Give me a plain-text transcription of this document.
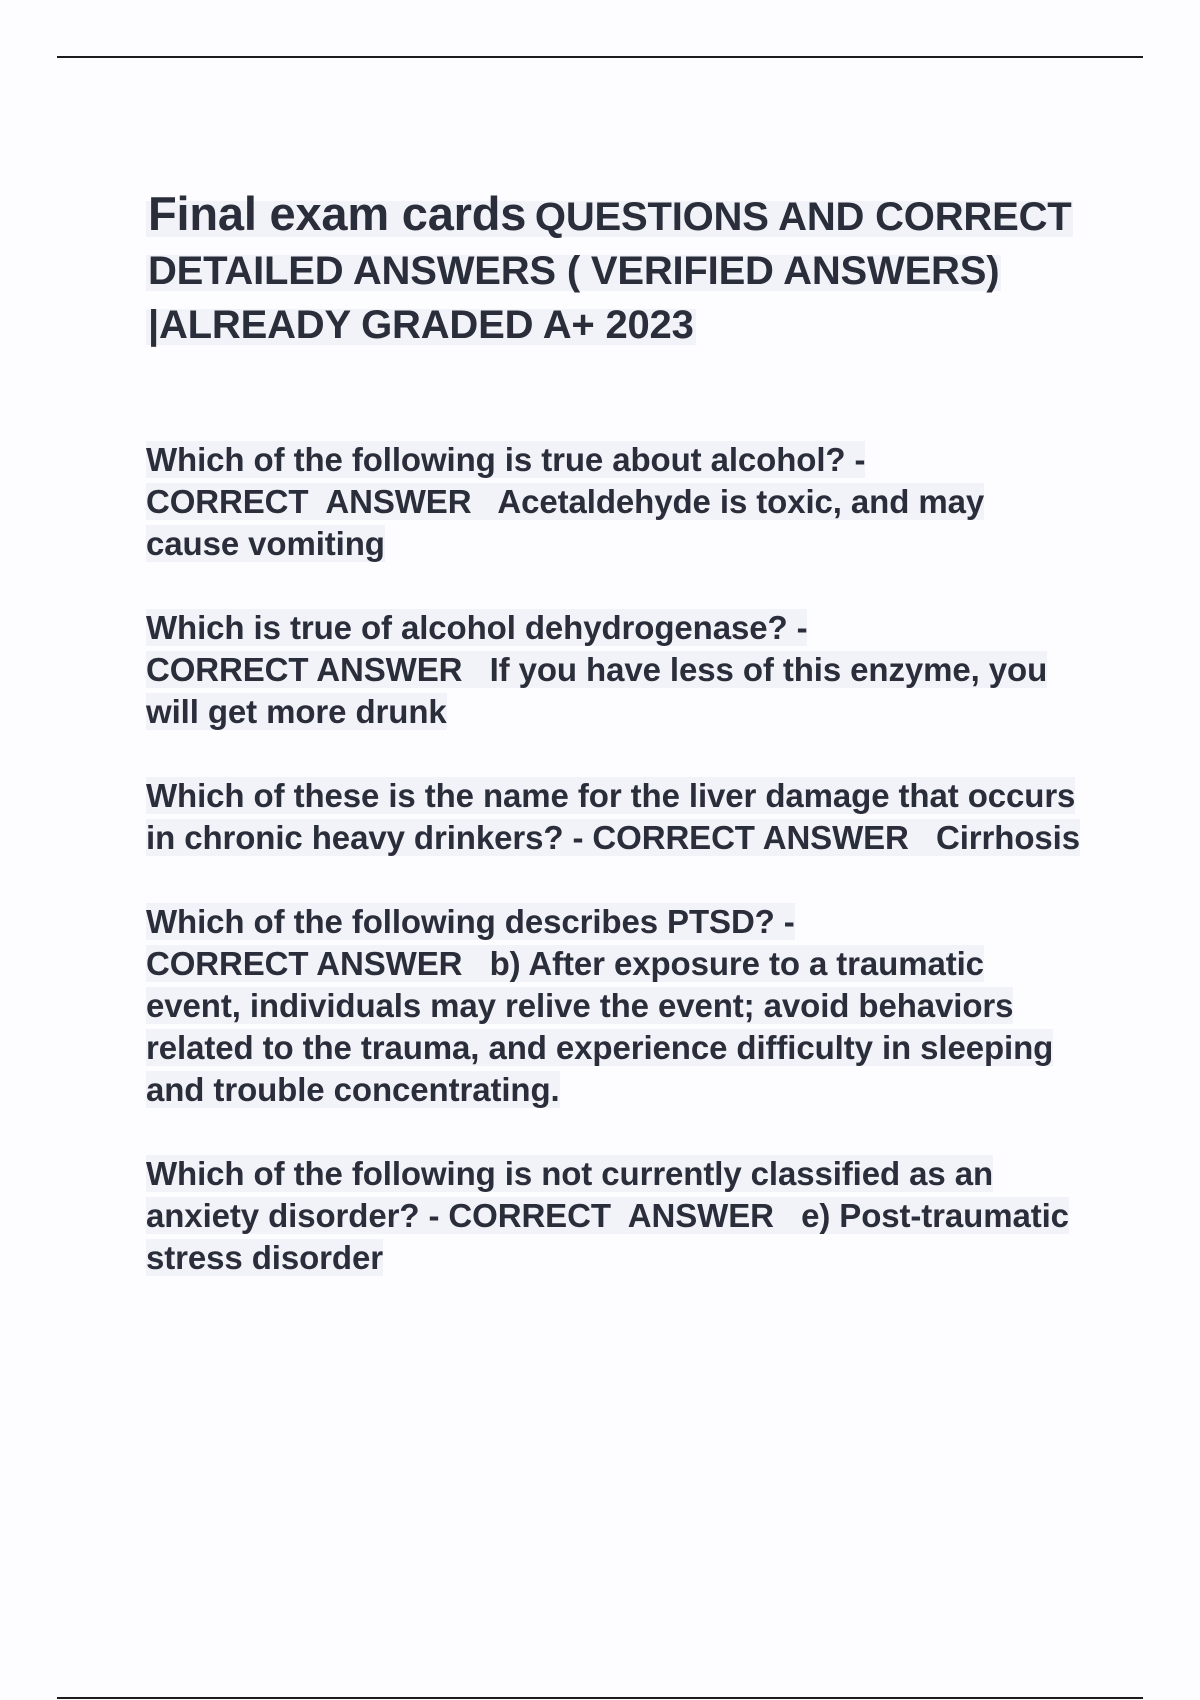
Final exam cards QUESTIONS AND CORRECT DETAILED ANSWERS ( VERIFIED ANSWERS) |ALREADY GRADED A+ 2023

Which of the following is true about alcohol? - CORRECT  ANSWER   Acetaldehyde is toxic, and may cause vomiting

Which is true of alcohol dehydrogenase? - CORRECT ANSWER   If you have less of this enzyme, you will get more drunk

Which of these is the name for the liver damage that occurs in chronic heavy drinkers? - CORRECT ANSWER   Cirrhosis

Which of the following describes PTSD? - CORRECT ANSWER   b) After exposure to a traumatic event, individuals may relive the event; avoid behaviors related to the trauma, and experience difficulty in sleeping and trouble concentrating.

Which of the following is not currently classified as an anxiety disorder? - CORRECT  ANSWER   e) Post-traumatic stress disorder
